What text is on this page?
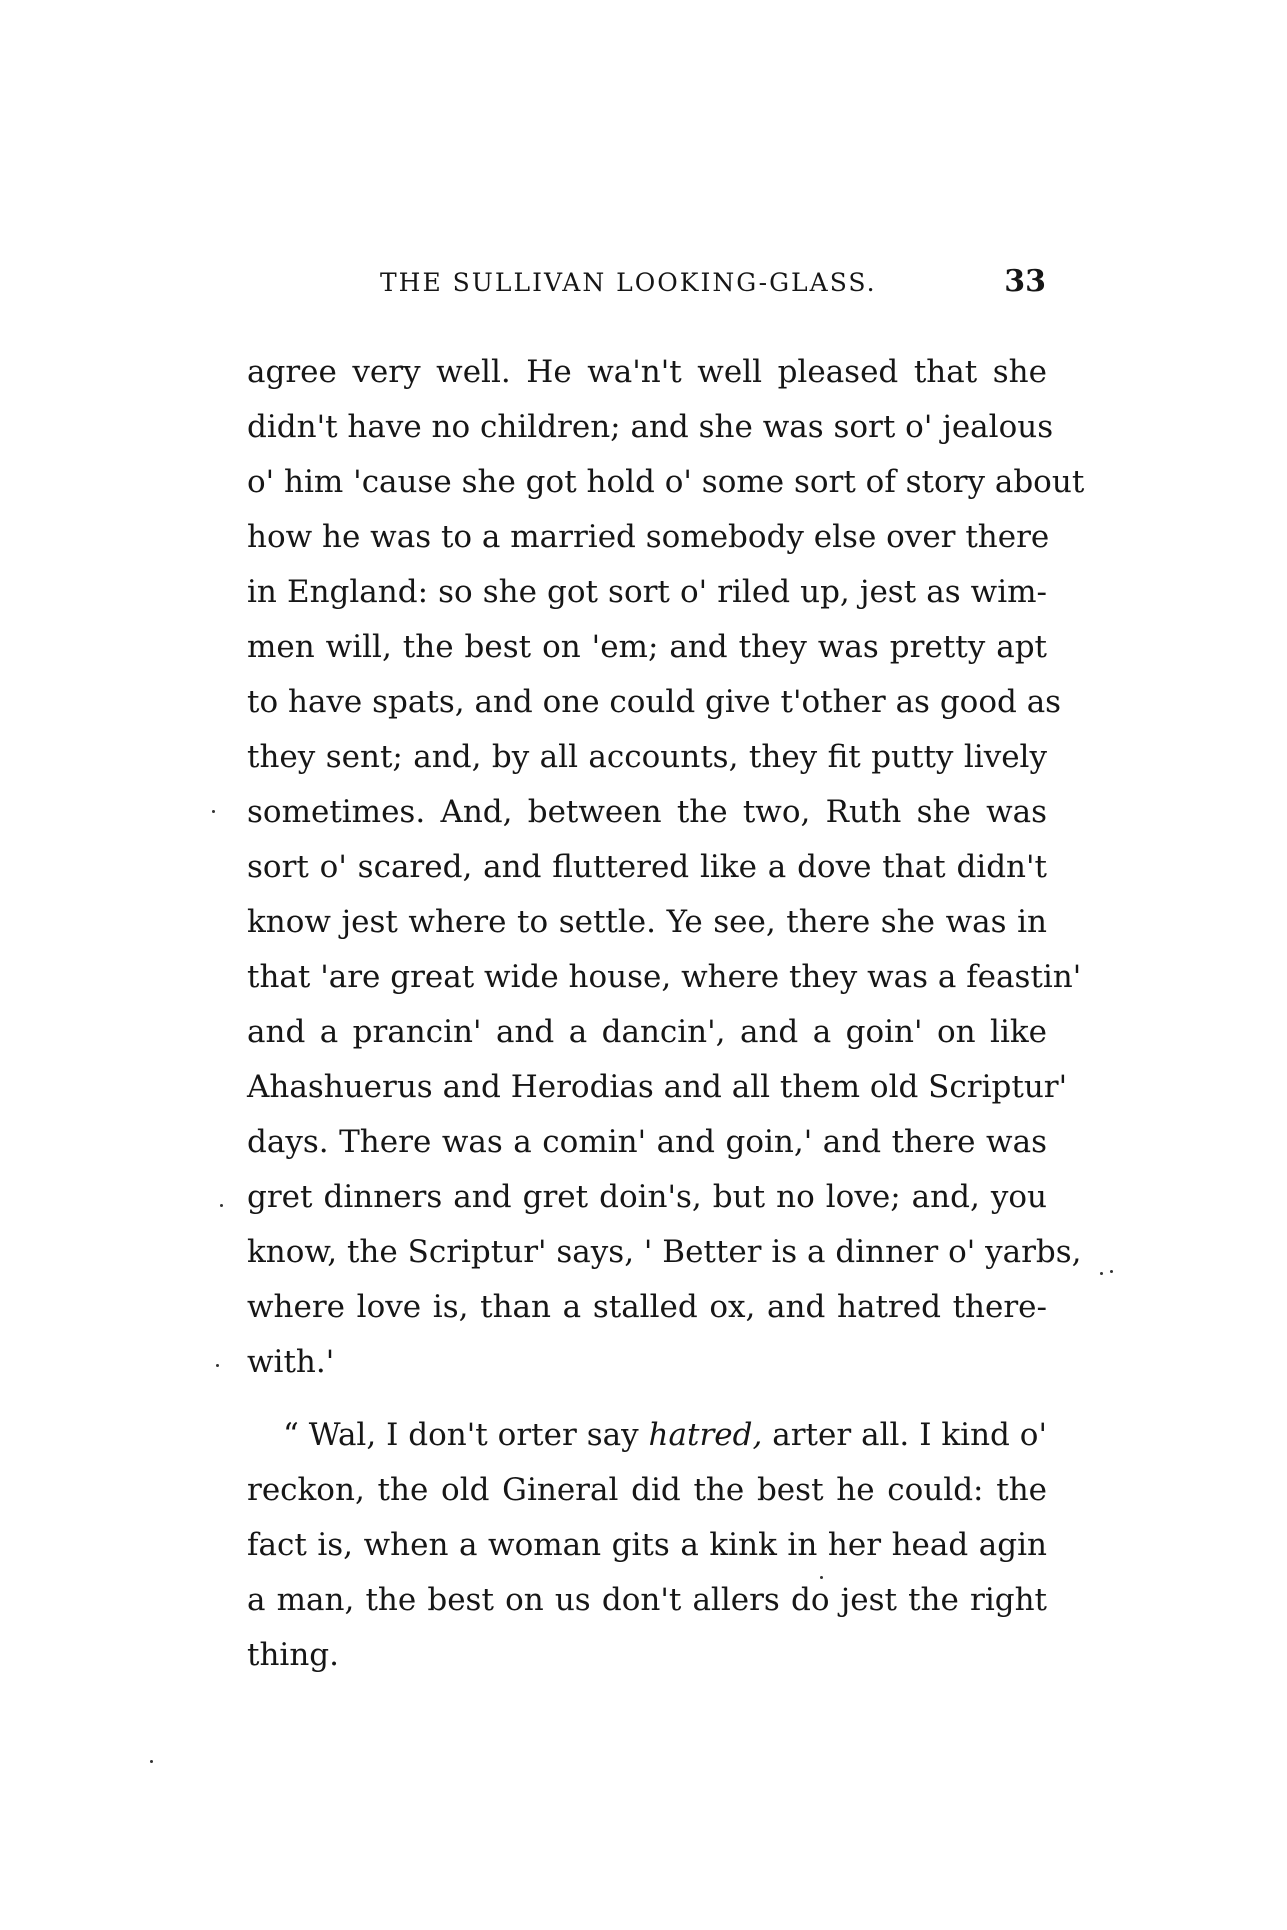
THE SULLIVAN LOOKING-GLASS.	33
agree very well. He wa'n't well pleased that she
didn't have no children; and she was sort o' jealous
o' him 'cause she got hold o' some sort of story about
how he was to a married somebody else over there
in England: so she got sort o' riled up, jest as wim-
men will, the best on 'em; and they was pretty apt
to have spats, and one could give t'other as good as
they sent; and, by all accounts, they fit putty lively
sometimes. And, between the two, Ruth she was
sort o' scared, and fluttered like a dove that didn't
know jest where to settle. Ye see, there she was in
that 'are great wide house, where they was a feastin'
and a prancin' and a dancin', and a goin' on like
Ahashuerus and Herodias and all them old Scriptur'
days. There was a comin' and goin,' and there was
gret dinners and gret doin's, but no love; and, you
know, the Scriptur' says, ' Better is a dinner o' yarbs,
where love is, than a stalled ox, and hatred there-
with.'
“ Wal, I don't orter say hatred, arter all. I kind o'
reckon, the old Gineral did the best he could: the
fact is, when a woman gits a kink in her head agin
a man, the best on us don't allers do jest the right
thing.
